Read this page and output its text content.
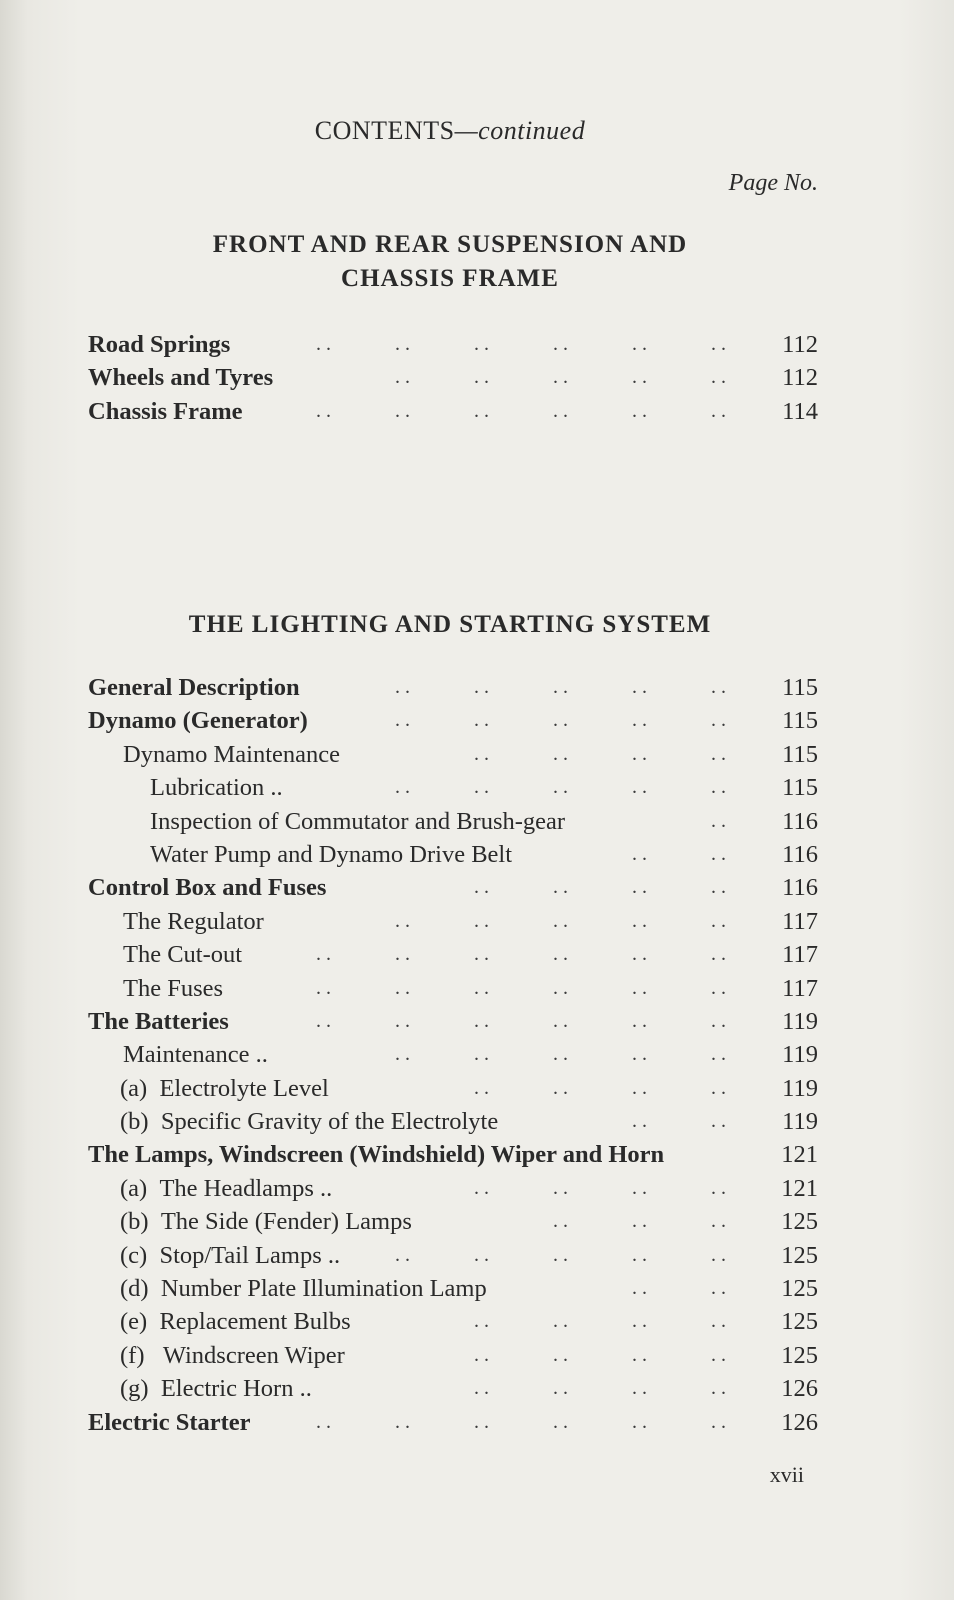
CONTENTS—continued
Page No.
FRONT AND REAR SUSPENSION AND
CHASSIS FRAME
Road Springs	. .	. .	. .	. .	. .	. .	112
Wheels and Tyres	. .	. .	. .	. .	. .	112
Chassis Frame	. .	. .	. .	. .	. .	. .	114
THE LIGHTING AND STARTING SYSTEM
General Description	. .	. .	. .	. .	. .	115
Dynamo (Generator)	. .	. .	. .	. .	. .	115
Dynamo Maintenance	. .	. .	. .	. .	115
Lubrication ..	. .	. .	. .	. .	. .	115
Inspection of Commutator and Brush-gear	. .	116
Water Pump and Dynamo Drive Belt	. .	. .	116
Control Box and Fuses	. .	. .	. .	. .	116
The Regulator	. .	. .	. .	. .	. .	117
The Cut-out	. .	. .	. .	. .	. .	. .	117
The Fuses	. .	. .	. .	. .	. .	. .	117
The Batteries	. .	. .	. .	. .	. .	. .	119
Maintenance ..	. .	. .	. .	. .	. .	119
(a)  Electrolyte Level	. .	. .	. .	. .	119
(b)  Specific Gravity of the Electrolyte	. .	. .	119
The Lamps, Windscreen (Windshield) Wiper and Horn	121
(a)  The Headlamps ..	. .	. .	. .	. .	121
(b)  The Side (Fender) Lamps	. .	. .	. .	125
(c)  Stop/Tail Lamps ..	. .	. .	. .	. .	. .	125
(d)  Number Plate Illumination Lamp	. .	. .	125
(e)  Replacement Bulbs	. .	. .	. .	. .	125
(f)   Windscreen Wiper	. .	. .	. .	. .	125
(g)  Electric Horn ..	. .	. .	. .	. .	126
Electric Starter	. .	. .	. .	. .	. .	. .	126
xvii
